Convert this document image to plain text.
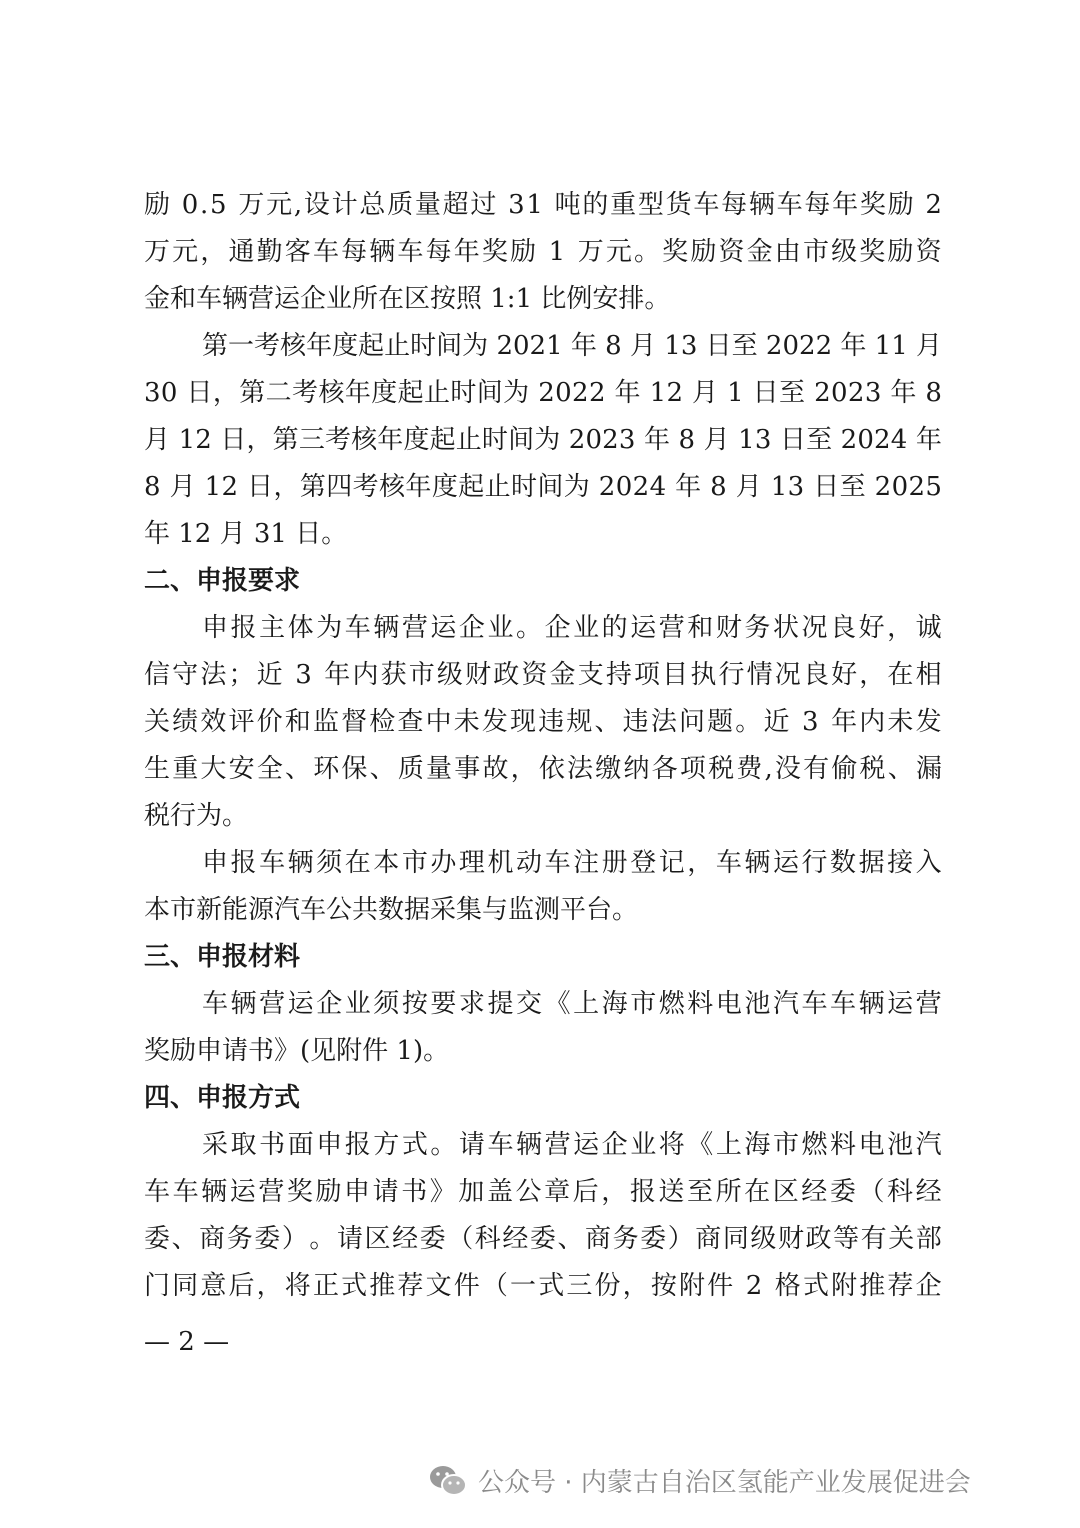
励
0 . 5
万 元 , 设 计 总 质 量 超 过
3 1
吨 的 重 型 货 车 每 辆 车 每 年 奖 励
2
万 元 ， 通 勤 客 车 每 辆 车 每 年 奖 励
1
万 元 。 奖 励 资 金 由 市 级 奖 励 资
金和车辆营运企业所在区按照 1:1 比例安排。
第 一 考 核 年 度 起 止 时 间 为
2 0 2 1
年
8
月
1 3
日 至
2 0 2 2
年
1 1
月
3 0
日 ， 第 二 考 核 年 度 起 止 时 间 为
2 0 2 2
年
1 2
月
1
日 至
2 0 2 3
年
8
月
1 2
日 ， 第 三 考 核 年 度 起 止 时 间 为
2 0 2 3
年
8
月
1 3
日 至
2 0 2 4
年
8
月
1 2
日 ， 第 四 考 核 年 度 起 止 时 间 为
2 0 2 4
年
8
月
1 3
日 至
2 0 2 5
年 12 月 31 日。
二、申报要求
申 报 主 体 为 车 辆 营 运 企 业 。 企 业 的 运 营 和 财 务 状 况 良 好 ， 诚
信 守 法 ； 近
3
年 内 获 市 级 财 政 资 金 支 持 项 目 执 行 情 况 良 好 ， 在 相
关 绩 效 评 价 和 监 督 检 查 中 未 发 现 违 规 、 违 法 问 题 。 近
3
年 内 未 发
生 重 大 安 全 、 环 保 、 质 量 事 故 ， 依 法 缴 纳 各 项 税 费 , 没 有 偷 税 、 漏
税行为。
申 报 车 辆 须 在 本 市 办 理 机 动 车 注 册 登 记 ， 车 辆 运 行 数 据 接 入
本市新能源汽车公共数据采集与监测平台。
三、申报材料
车 辆 营 运 企 业 须 按 要 求 提 交 《 上 海 市 燃 料 电 池 汽 车 车 辆 运 营
奖励申请书》(见附件 1)。
四、申报方式
采 取 书 面 申 报 方 式 。 请 车 辆 营 运 企 业 将 《 上 海 市 燃 料 电 池 汽
车 车 辆 运 营 奖 励 申 请 书 》 加 盖 公 章 后 ， 报 送 至 所 在 区 经 委 （ 科 经
委 、 商 务 委 ） 。 请 区 经 委 （ 科 经 委 、 商 务 委 ） 商 同 级 财 政 等 有 关 部
门 同 意 后 ， 将 正 式 推 荐 文 件 （ 一 式 三 份 ， 按 附 件
2
格 式 附 推 荐 企
— 2 —
公众号 · 内蒙古自治区氢能产业发展促进会
